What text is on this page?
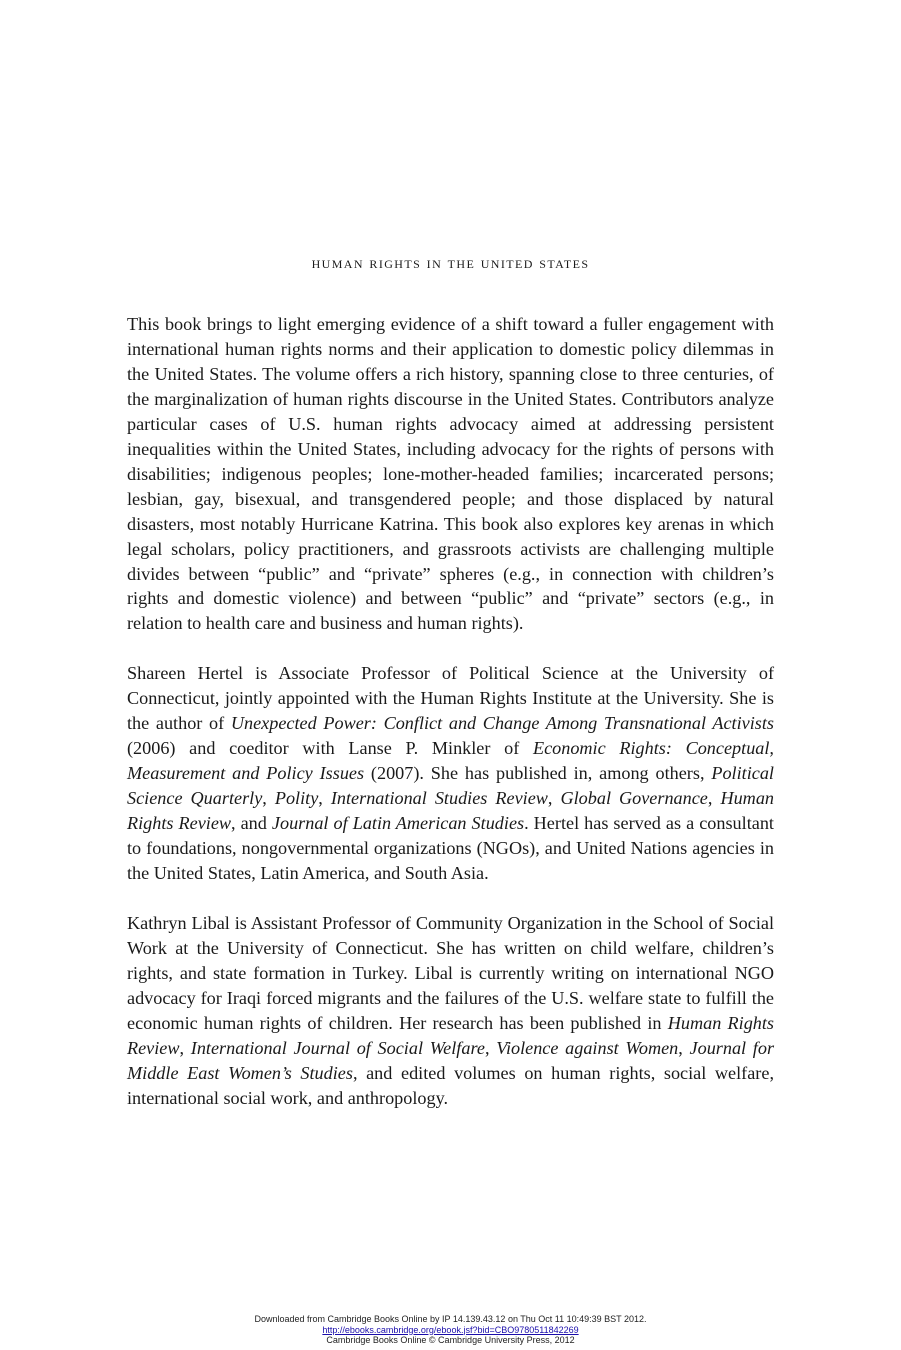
human rights in the united states

This book brings to light emerging evidence of a shift toward a fuller engagement with international human rights norms and their application to domestic policy dilemmas in the United States. The volume offers a rich history, spanning close to three centuries, of the marginalization of human rights discourse in the United States. Contributors analyze particular cases of U.S. human rights advocacy aimed at addressing persistent inequalities within the United States, including advocacy for the rights of persons with disabilities; indigenous peoples; lone-mother-headed families; incarcerated persons; lesbian, gay, bisexual, and transgendered people; and those displaced by natural disasters, most notably Hurricane Katrina. This book also explores key arenas in which legal scholars, policy practitioners, and grassroots activists are challenging multiple divides between “public” and “private” spheres (e.g., in connection with children’s rights and domestic violence) and between “public” and “private” sectors (e.g., in relation to health care and business and human rights).

Shareen Hertel is Associate Professor of Political Science at the University of Connecticut, jointly appointed with the Human Rights Institute at the University. She is the author of Unexpected Power: Conflict and Change Among Transnational Activists (2006) and coeditor with Lanse P. Minkler of Economic Rights: Conceptual, Measurement and Policy Issues (2007). She has published in, among others, Political Science Quarterly, Polity, International Studies Review, Global Governance, Human Rights Review, and Journal of Latin American Studies. Hertel has served as a consultant to foundations, nongovernmental organizations (NGOs), and United Nations agencies in the United States, Latin America, and South Asia.

Kathryn Libal is Assistant Professor of Community Organization in the School of Social Work at the University of Connecticut. She has written on child welfare, children’s rights, and state formation in Turkey. Libal is currently writing on international NGO advocacy for Iraqi forced migrants and the failures of the U.S. welfare state to fulfill the economic human rights of children. Her research has been published in Human Rights Review, International Journal of Social Welfare, Violence against Women, Journal for Middle East Women’s Studies, and edited volumes on human rights, social welfare, international social work, and anthropology.

Downloaded from Cambridge Books Online by IP 14.139.43.12 on Thu Oct 11 10:49:39 BST 2012.
http://ebooks.cambridge.org/ebook.jsf?bid=CBO9780511842269
Cambridge Books Online © Cambridge University Press, 2012
